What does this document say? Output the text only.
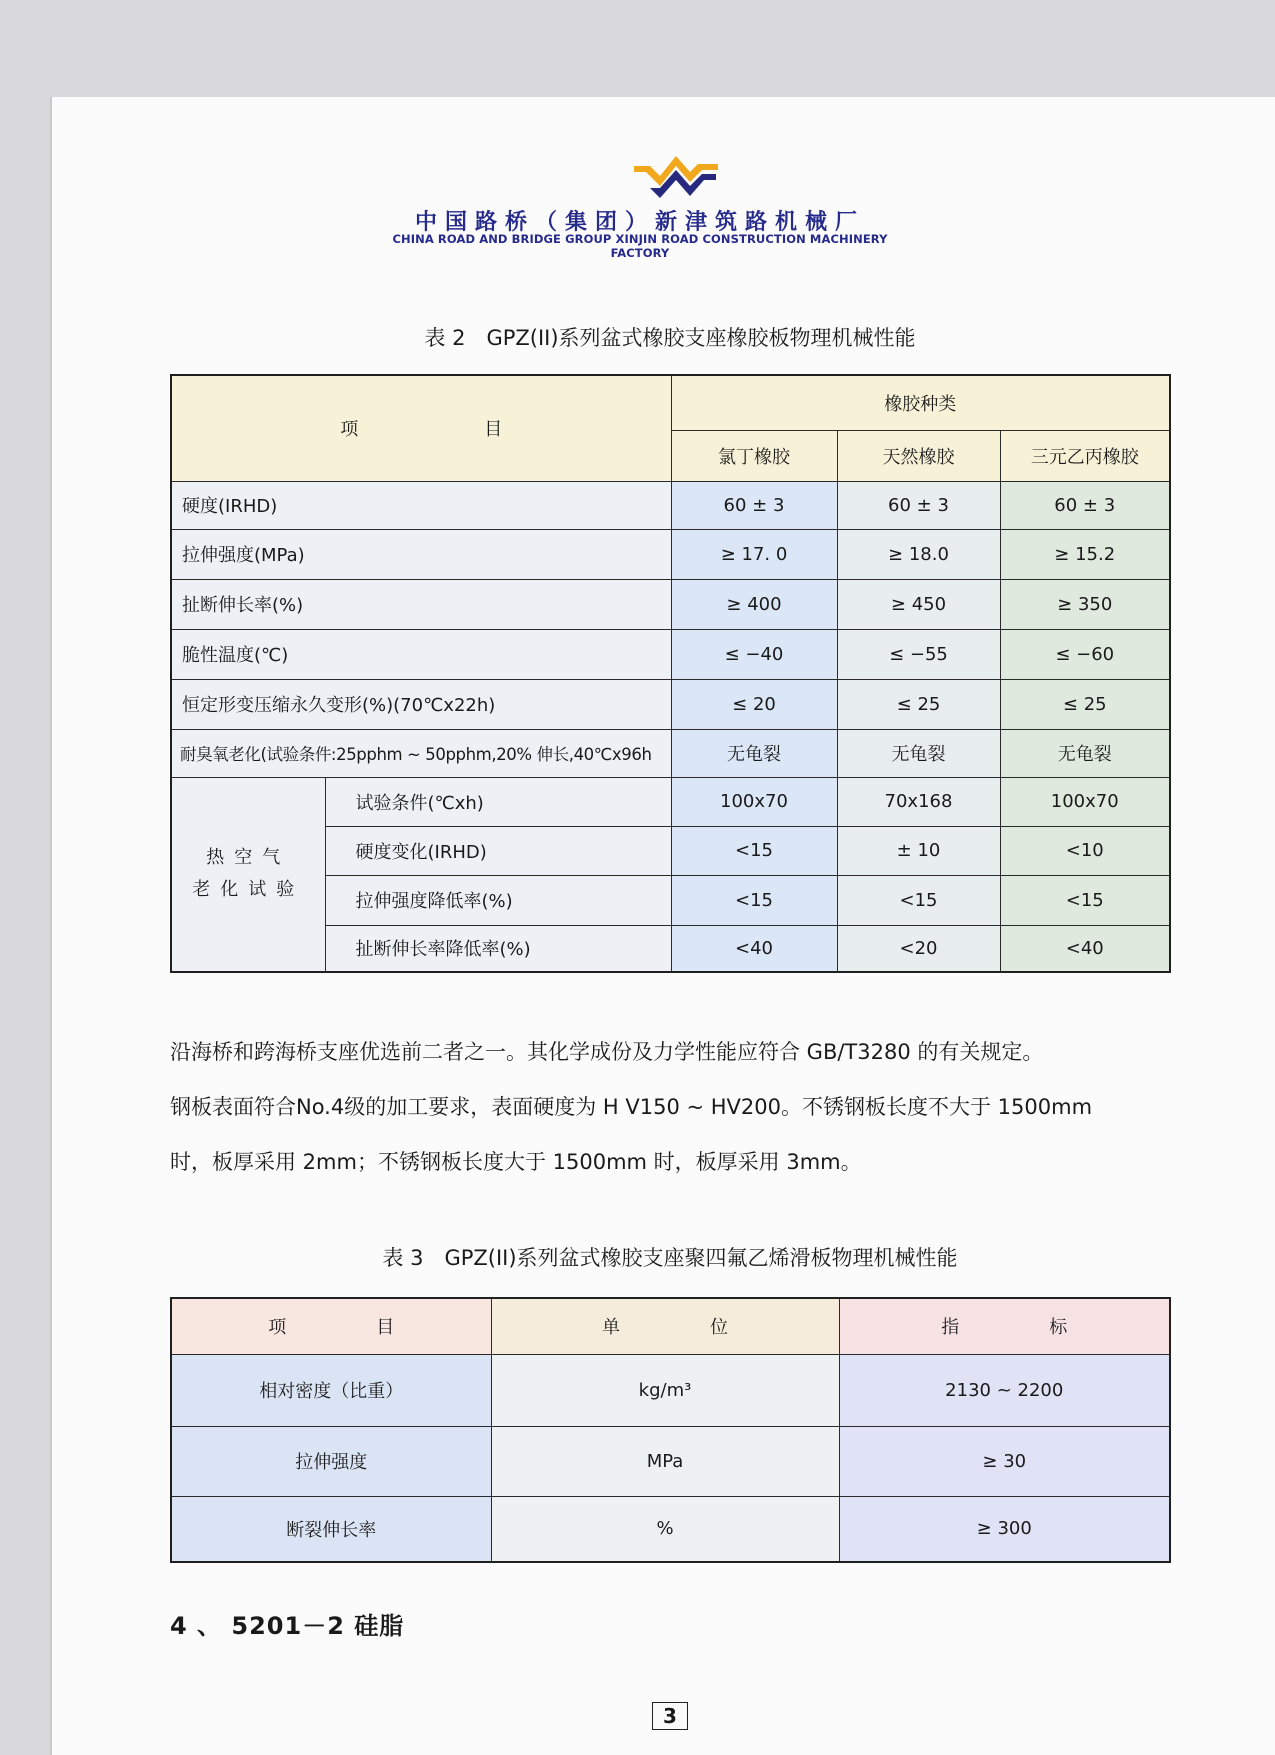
中国路桥（集团）新津筑路机械厂
CHINA ROAD AND BRIDGE GROUP XINJIN ROAD CONSTRUCTION MACHINERY FACTORY
表 2　GPZ(II)系列盆式橡胶支座橡胶板物理机械性能
项　　　　　　　目		橡胶种类		
		氯丁橡胶	天然橡胶	三元乙丙橡胶
硬度(IRHD)		60 ± 3	60 ± 3	60 ± 3
拉伸强度(MPa)		≥ 17. 0	≥ 18.0	≥ 15.2
扯断伸长率(%)		≥ 400	≥ 450	≥ 350
脆性温度(℃)		≤ −40	≤ −55	≤ −60
恒定形变压缩永久变形(%)(70℃x22h)		≤ 20	≤ 25	≤ 25
耐臭氧老化(试验条件:25pphm ~ 50pphm,20% 伸长,40℃x96h		无龟裂	无龟裂	无龟裂

热空气
老化试验	试验条件(℃xh)	100x70	70x168	100x70
	硬度变化(IRHD)	<15	± 10	<10
	拉伸强度降低率(%)	<15	<15	<15
	扯断伸长率降低率(%)	<40	<20	<40
沿海桥和跨海桥支座优选前二者之一。其化学成份及力学性能应符合 GB/T3280 的有关规定。
钢板表面符合No.4级的加工要求，表面硬度为 H V150 ~ HV200。不锈钢板长度不大于 1500mm
时，板厚采用 2mm；不锈钢板长度大于 1500mm 时，板厚采用 3mm。
表 3　GPZ(II)系列盆式橡胶支座聚四氟乙烯滑板物理机械性能
项　　　　　目	单　　　　　位	指　　　　　标
相对密度（比重）	kg/m³	2130 ~ 2200
拉伸强度	MPa	≥ 30
断裂伸长率	%	≥ 300
4 、 5201－2 硅脂
3
